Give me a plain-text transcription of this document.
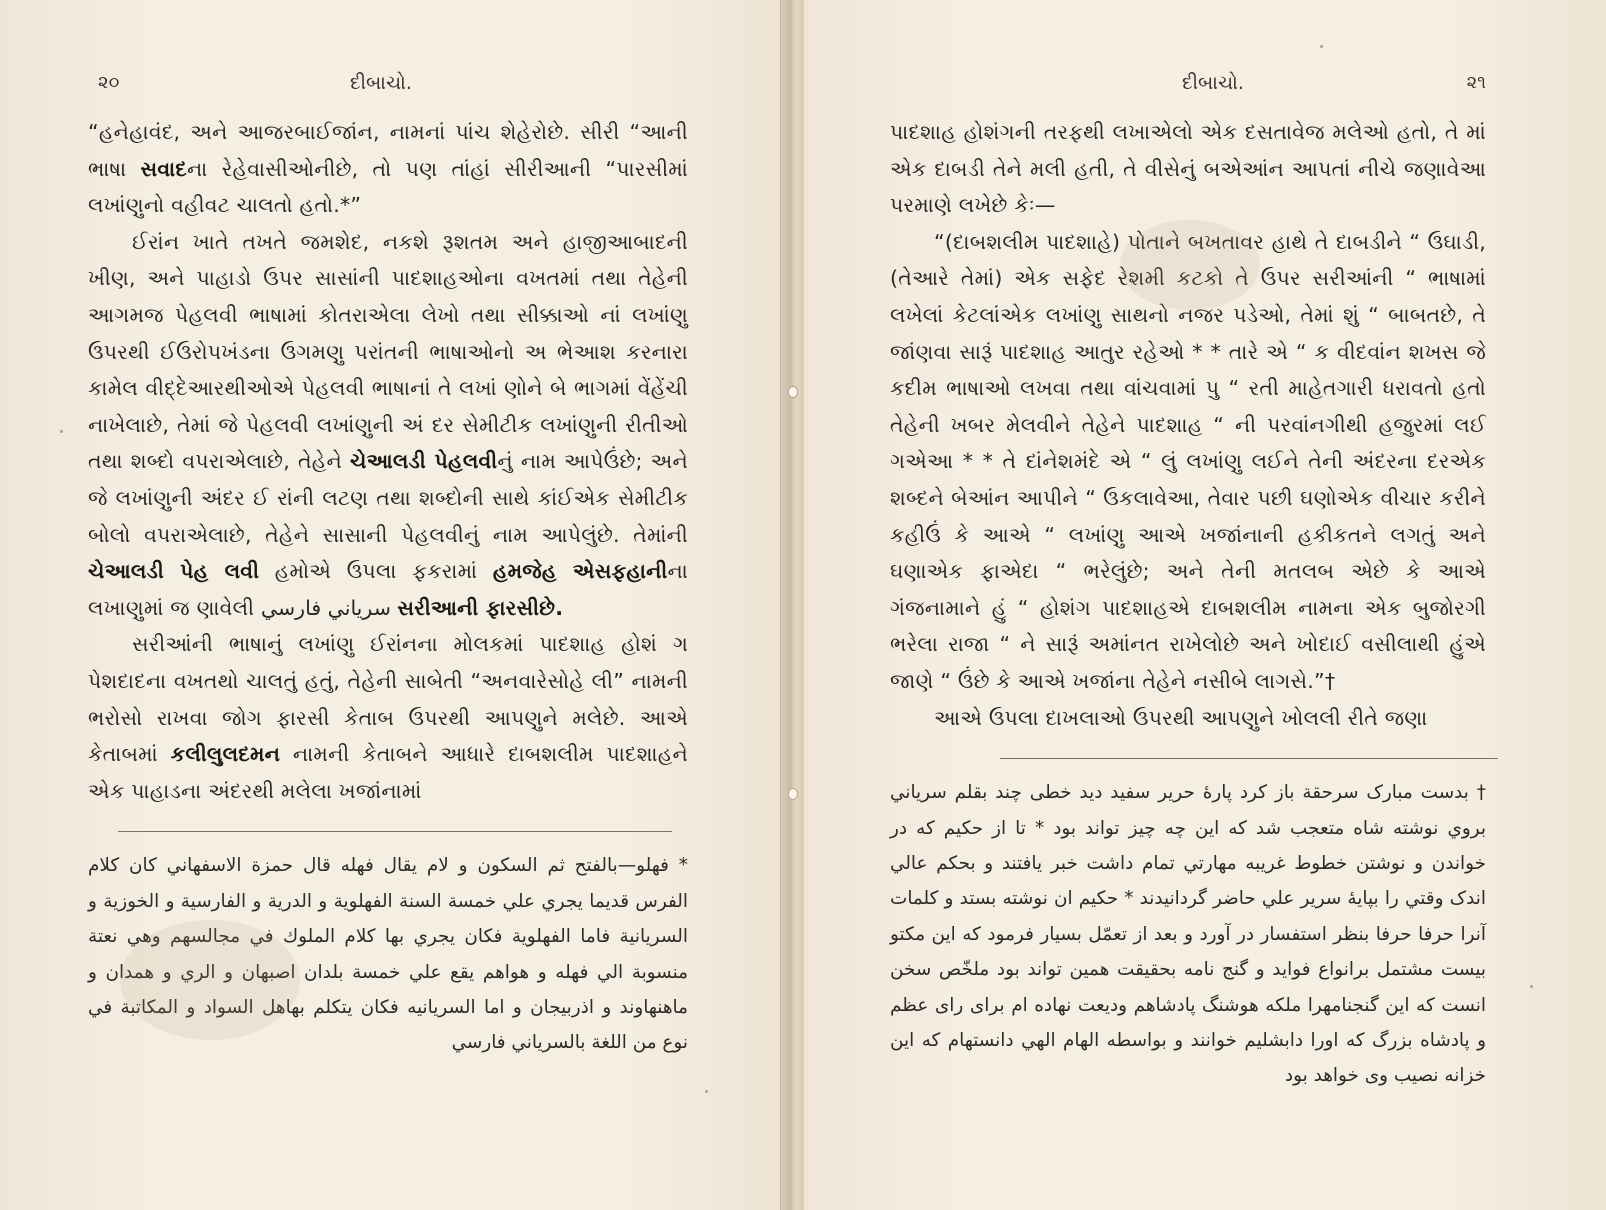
૨૦	દીબાચો.

“હનેહાવંદ, અને આજરબાઈજાંન, નામનાં પાંચ શેહેરોછે. સીરી “આની ભાષા સવાદના રેહેવાસીઓનીછે, તો પણ તાંહાં સીરીઆની “પારસીમાં લખાંણુનો વહીવટ ચાલતો હતો.*”

ઈરાંન ખાતે તખતે જમશેદ, નકશે રૂશતમ અને હાજીઆબાદની ખીણ, અને પાહાડો ઉપર સાસાંની પાદશાહઓના વખતમાં તથા તેહેની આગમજ પેહલવી ભાષામાં કોતરાએલા લેખો તથા સીક્કાઓ નાં લખાંણુ ઉપરથી ઈઉરોપખંડના ઉગમણુ પરાંતની ભાષાઓનો અ ભેઆશ કરનારા કામેલ વીદ્દેઆરથીઓએ પેહલવી ભાષાનાં તે લખાં ણોને બે ભાગમાં વેંહેંચી નાખેલાછે, તેમાં જે પેહલવી લખાંણુની અં દર સેમીટીક લખાંણુની રીતીઓ તથા શબ્દો વપરાએલાછે, તેહેને ચેઆલડી પેહલવીનું નામ આપેઉંછે; અને જે લખાંણુની અંદર ઈ રાંની લટણ તથા શબ્દોની સાથે કાંઈએક સેમીટીક બોલો વપરાએલાછે, તેહેને સાસાની પેહલવીનું નામ આપેલુંછે. તેમાંની ચેઆલડી પેહ લવી હમોએ ઉપલા ફકરામાં હમજેહ એસફહાનીના લખાણુમાં જ ણાવેલી سرياني فارسي સરીઆની ફારસીછે.

સરીઆંની ભાષાનું લખાંણુ ઈરાંનના મોલકમાં પાદશાહ હોશં ગ પેશદાદના વખતથો ચાલતું હતું, તેહેની સાબેતી “અનવારેસોહે લી” નામની ભરોસો રાખવા જોગ ફારસી કેતાબ ઉપરથી આપણુને મલેછે. આએ કેતાબમાં કલીલુલદમન નામની કેતાબને આધારે દાબશલીમ પાદશાહને એક પાહાડના અંદરથી મલેલા ખજાંનામાં

* فهلو—بالفتح ثم السكون و لام يقال فهله قال حمزة الاسفهاني كان كلام الفرس قديما يجري علي خمسة السنة الفهلوية و الدرية و الفارسية و الخوزية و السريانية فاما الفهلوية فكان يجري بها كلام الملوك في مجالسهم وهي نعتة منسوبة الي فهله و هواهم يقع علي خمسة بلدان اصبهان و الري و همدان و ماهنهاوند و اذربيجان و اما السريانيه فكان يتكلم بهاهل السواد و المكاتبة في نوع من اللغة بالسرياني فارسي
દીબાચો.	૨૧

પાદશાહ હોશંગની તરફથી લખાએલો એક દસતાવેજ મલેઓ હતો, તે માં એક દાબડી તેને મલી હતી, તે વીસેનું બએઆંન આપતાં નીચે જણાવેઆ પરમાણે લખેછે કેઃ—

“(દાબશલીમ પાદશાહે) પોતાને બખતાવર હાથે તે દાબડીને “ ઉઘાડી, (તેઆરે તેમાં) એક સફેદ રેશમી કટકો તે ઉપર સરીઆંની “ ભાષામાં લખેલાં કેટલાંએક લખાંણુ સાથનો નજર પડેઓ, તેમાં શું “ બાબતછે, તે જાંણવા સારૂં પાદશાહ આતુર રહેઓ * * તારે એ “ ક વીદવાંન શખસ જે કદીમ ભાષાઓ લખવા તથા વાંચવામાં પુ “ રતી માહેતગારી ધરાવતો હતો તેહેની ખબર મેલવીને તેહેને પાદશાહ “ ની પરવાંનગીથી હજુરમાં લઈ ગએઆ * * તે દાંનેશમંદે એ “ લું લખાંણુ લઈને તેની અંદરના દરએક શબ્દને બેઆંન આપીને “ ઉકલાવેઆ, તેવાર પછી ઘણોએક વીચાર કરીને કહીઉં કે આએ “ લખાંણુ આએ ખજાંનાની હકીકતને લગતું અને ઘણાએક ફાએદા “ ભરેલુંછે; અને તેની મતલબ એછે કે આએ ગંજનામાને હું “ હોશંગ પાદશાહએ દાબશલીમ નામના એક બુજોરગી ભરેલા રાજા “ ને સારૂં અમાંનત રાખેલોછે અને ખોદાઈ વસીલાથી હુંએ જાણે “ ઉંછે કે આએ ખજાંના તેહેને નસીબે લાગસે.”†

આએ ઉપલા દાખલાઓ ઉપરથી આપણુને ખોલલી રીતે જણા

† بدست مبارک سرحقة باز کرد پارهٔ حریر سفید دید خطی چند بقلم سریاني بروي نوشته شاه متعجب شد که این چه چیز تواند بود * تا از حکیم که در خواندن و نوشتن خطوط غریبه مهارتي تمام داشت خبر یافتند و بحکم عالي اندک وقتي را بپایهٔ سریر علي حاضر گردانیدند * حکیم ان نوشته بستد و کلمات آنرا حرفا حرفا بنظر استفسار در آورد و بعد از تعمّل بسیار فرمود که این مکتو بیست مشتمل برانواع فواید و گنج نامه بحقیقت همین تواند بود ملخّص سخن انست که این گنجنامهرا ملکه هوشنگ پادشاهم ودیعت نهاده ام برای رای عظم و پادشاه بزرگ که اورا دابشلیم خوانند و بواسطه الهام الهي دانستهام که این خزانه نصیب وی خواهد بود
